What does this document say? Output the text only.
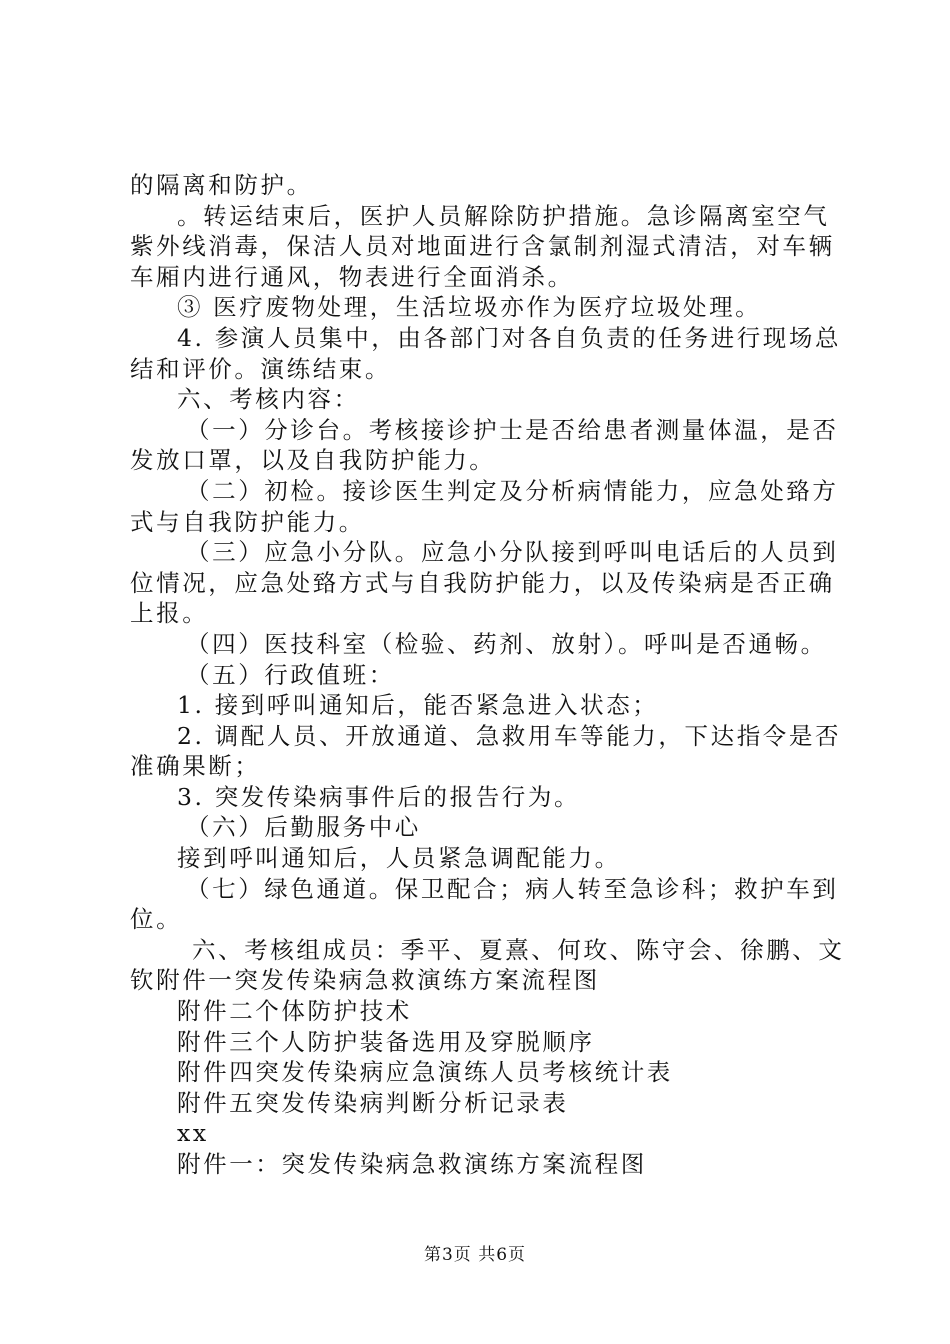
的隔离和防护。
。转运结束后，医护人员解除防护措施。急诊隔离室空气
紫外线消毒，保洁人员对地面进行含氯制剂湿式清洁，对车辆
车厢内进行通风，物表进行全面消杀。
③ 医疗废物处理，生活垃圾亦作为医疗垃圾处理。
4. 参演人员集中，由各部门对各自负责的任务进行现场总
结和评价。演练结束。
六、考核内容：
（一）分诊台。考核接诊护士是否给患者测量体温，是否
发放口罩，以及自我防护能力。
（二）初检。接诊医生判定及分析病情能力，应急处臵方
式与自我防护能力。
（三）应急小分队。应急小分队接到呼叫电话后的人员到
位情况，应急处臵方式与自我防护能力，以及传染病是否正确
上报。
（四）医技科室（检验、药剂、放射）。呼叫是否通畅。
（五）行政值班：
1. 接到呼叫通知后，能否紧急进入状态；
2. 调配人员、开放通道、急救用车等能力，下达指令是否
准确果断；
3. 突发传染病事件后的报告行为。
（六）后勤服务中心
接到呼叫通知后，人员紧急调配能力。
（七）绿色通道。保卫配合；病人转至急诊科；救护车到
位。
六、考核组成员：季平、夏熹、何玫、陈守会、徐鹏、文
钦附件一突发传染病急救演练方案流程图
附件二个体防护技术
附件三个人防护装备选用及穿脱顺序
附件四突发传染病应急演练人员考核统计表
附件五突发传染病判断分析记录表
xx
附件一：突发传染病急救演练方案流程图
第3页 共6页
